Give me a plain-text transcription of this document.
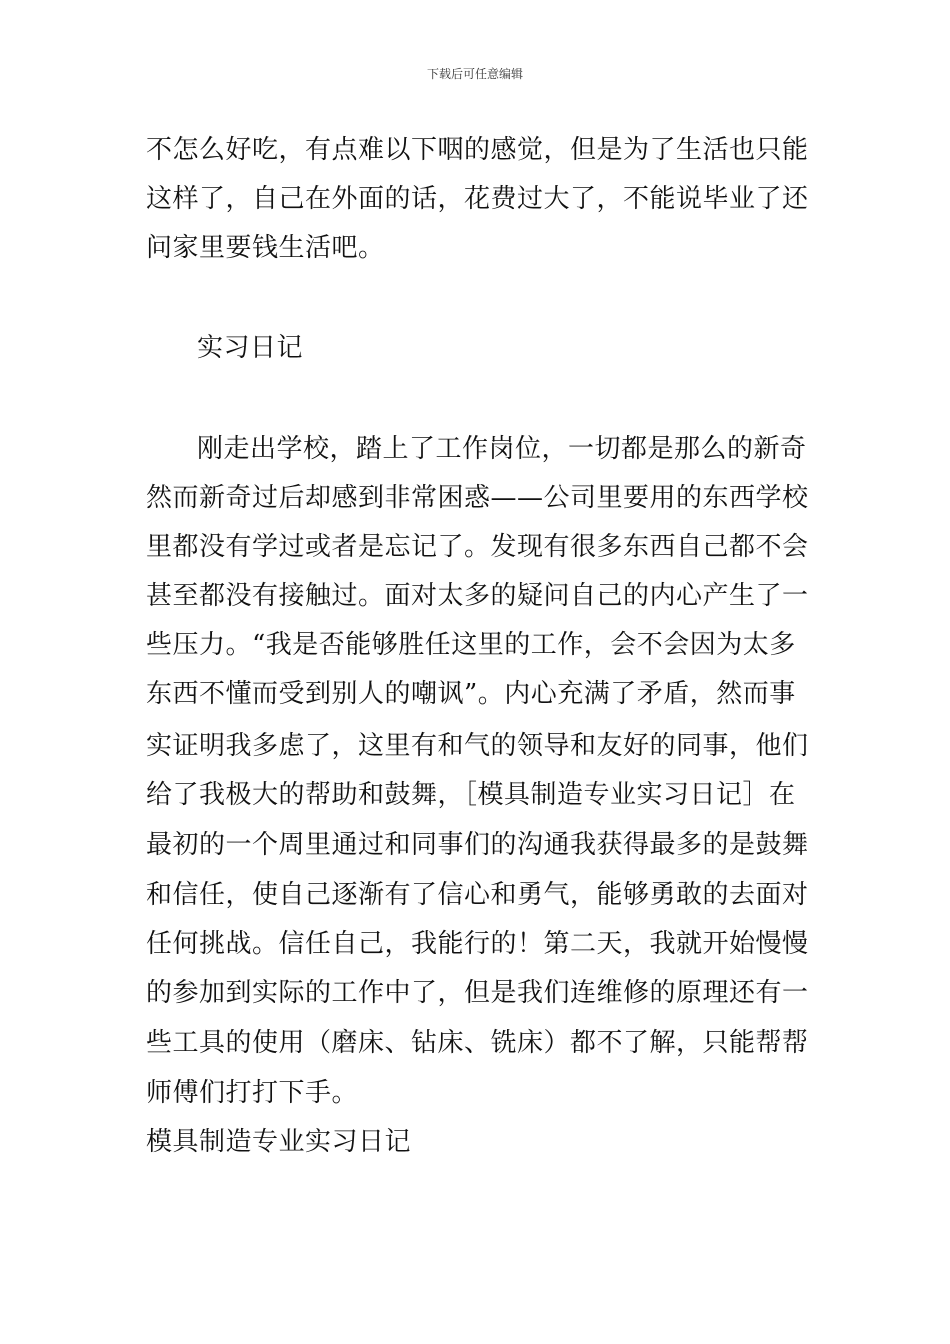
下载后可任意编辑
不怎么好吃，有点难以下咽的感觉，但是为了生活也只能
这样了，自己在外面的话，花费过大了，不能说毕业了还
问家里要钱生活吧。
实习日记
刚走出学校，踏上了工作岗位，一切都是那么的新奇
然而新奇过后却感到非常困惑——公司里要用的东西学校
里都没有学过或者是忘记了。发现有很多东西自己都不会
甚至都没有接触过。面对太多的疑问自己的内心产生了一
些压力。“我是否能够胜任这里的工作，会不会因为太多
东西不懂而受到别人的嘲讽”。内心充满了矛盾，然而事
实证明我多虑了，这里有和气的领导和友好的同事，他们
给了我极大的帮助和鼓舞，［模具制造专业实习日记］在
最初的一个周里通过和同事们的沟通我获得最多的是鼓舞
和信任，使自己逐渐有了信心和勇气，能够勇敢的去面对
任何挑战。信任自己，我能行的！第二天，我就开始慢慢
的参加到实际的工作中了，但是我们连维修的原理还有一
些工具的使用（磨床、钻床、铣床）都不了解，只能帮帮
师傅们打打下手。
模具制造专业实习日记
